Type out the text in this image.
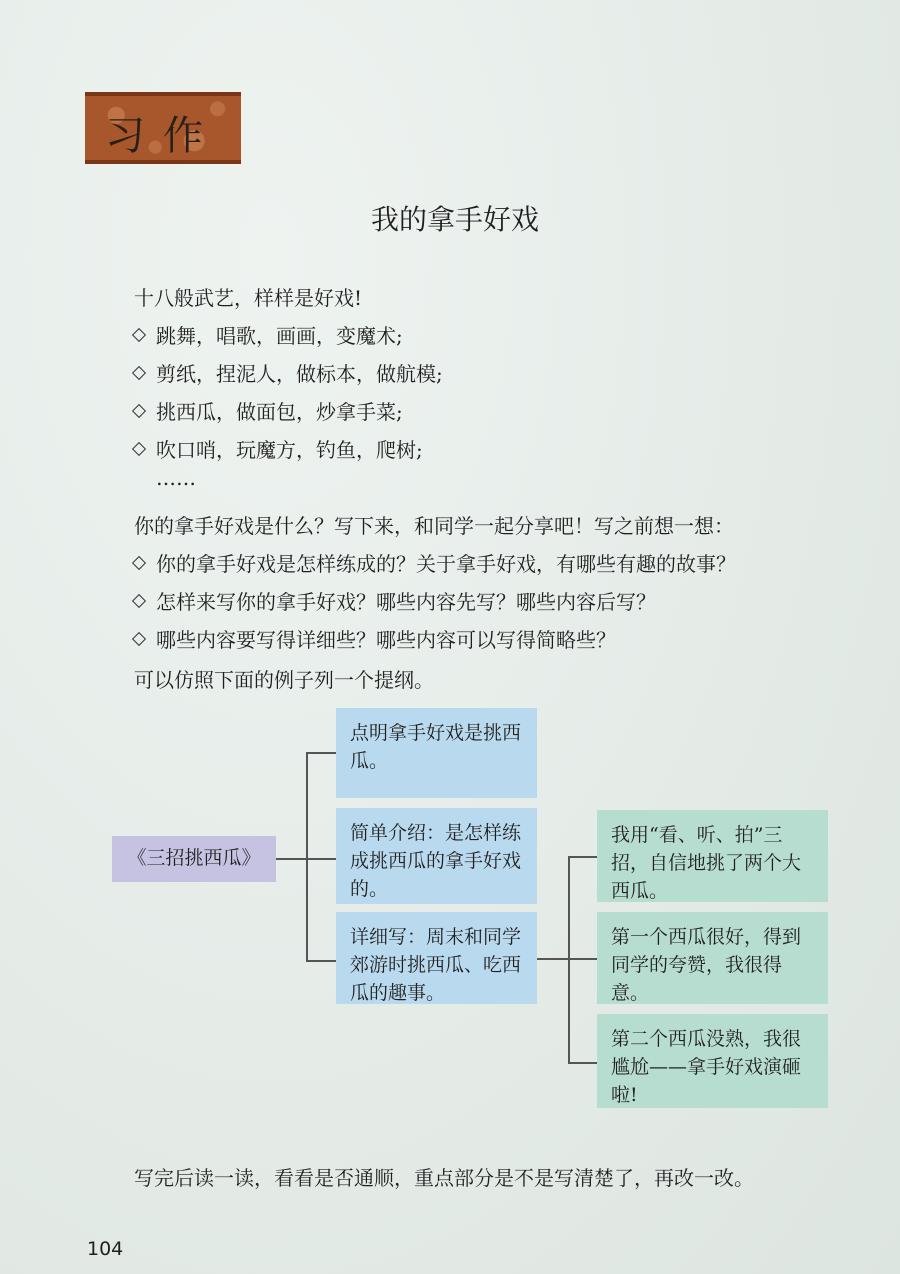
习作
我的拿手好戏
十八般武艺，样样是好戏!
跳舞，唱歌，画画，变魔术;
剪纸，捏泥人，做标本，做航模;
挑西瓜，做面包，炒拿手菜;
吹口哨，玩魔方，钓鱼，爬树;
……
你的拿手好戏是什么？写下来，和同学一起分享吧！写之前想一想：
你的拿手好戏是怎样练成的？关于拿手好戏，有哪些有趣的故事？
怎样来写你的拿手好戏？哪些内容先写？哪些内容后写？
哪些内容要写得详细些？哪些内容可以写得简略些？
可以仿照下面的例子列一个提纲。
《三招挑西瓜》
点明拿手好戏是挑西瓜。
简单介绍：是怎样练成挑西瓜的拿手好戏的。
详细写：周末和同学郊游时挑西瓜、吃西瓜的趣事。
我用“看、听、拍”三招，自信地挑了两个大西瓜。
第一个西瓜很好，得到同学的夸赞，我很得意。
第二个西瓜没熟，我很尴尬——拿手好戏演砸啦!
写完后读一读，看看是否通顺，重点部分是不是写清楚了，再改一改。
104
